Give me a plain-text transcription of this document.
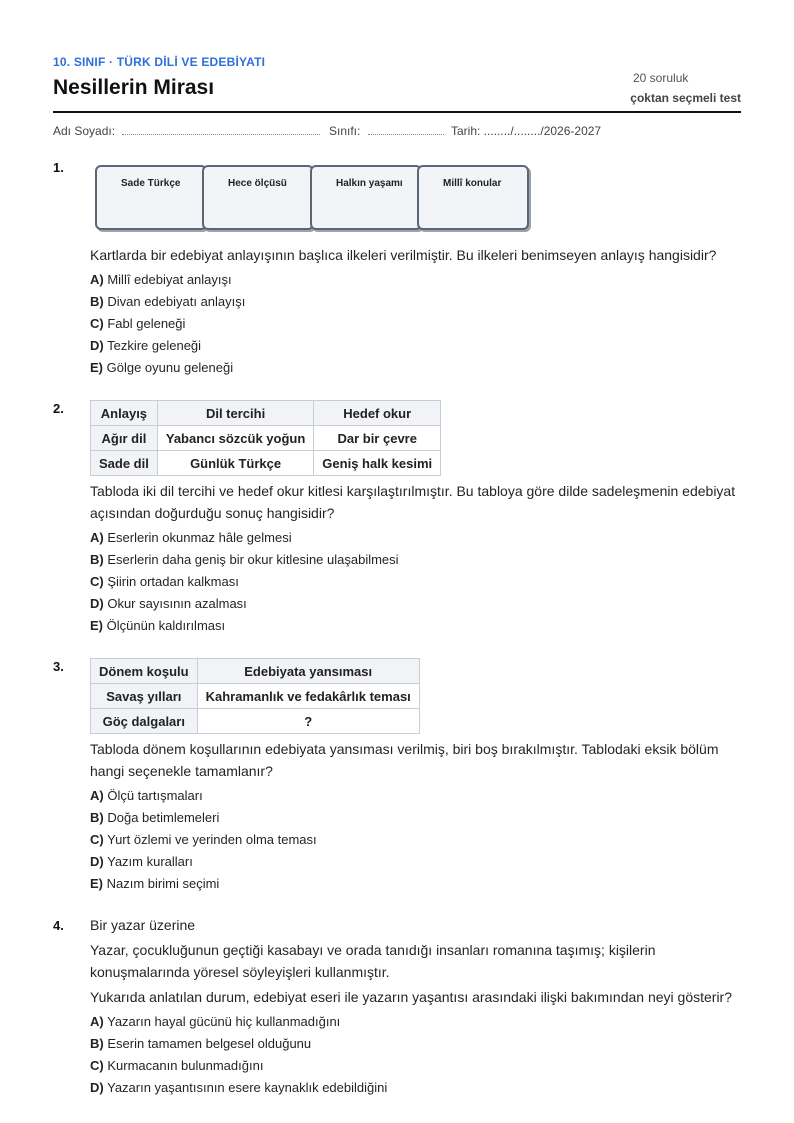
10. SINIF · TÜRK DİLİ VE EDEBİYATI
Nesillerin Mirası	20 soruluk
çoktan seçmeli test
Adı Soyadı:	Sınıfı:	Tarih: ......../......../2026-2027
1.
Sade Türkçe	Hece ölçüsü	Halkın yaşamı	Millî konular
Kartlarda bir edebiyat anlayışının başlıca ilkeleri verilmiştir. Bu ilkeleri benimseyen anlayış hangisidir?
A) Millî edebiyat anlayışı
B) Divan edebiyatı anlayışı
C) Fabl geleneği
D) Tezkire geleneği
E) Gölge oyunu geleneği
2.	Anlayış	Dil tercihi	Hedef okur
Ağır dil	Yabancı sözcük yoğun	Dar bir çevre
Sade dil	Günlük Türkçe	Geniş halk kesimi
Tabloda iki dil tercihi ve hedef okur kitlesi karşılaştırılmıştır. Bu tabloya göre dilde sadeleşmenin edebiyat açısından doğurduğu sonuç hangisidir?
A) Eserlerin okunmaz hâle gelmesi
B) Eserlerin daha geniş bir okur kitlesine ulaşabilmesi
C) Şiirin ortadan kalkması
D) Okur sayısının azalması
E) Ölçünün kaldırılması
3.	Dönem koşulu	Edebiyata yansıması
Savaş yılları	Kahramanlık ve fedakârlık teması
Göç dalgaları	?
Tabloda dönem koşullarının edebiyata yansıması verilmiş, biri boş bırakılmıştır. Tablodaki eksik bölüm hangi seçenekle tamamlanır?
A) Ölçü tartışmaları
B) Doğa betimlemeleri
C) Yurt özlemi ve yerinden olma teması
D) Yazım kuralları
E) Nazım birimi seçimi
4. Bir yazar üzerine
Yazar, çocukluğunun geçtiği kasabayı ve orada tanıdığı insanları romanına taşımış; kişilerin konuşmalarında yöresel söyleyişleri kullanmıştır.
Yukarıda anlatılan durum, edebiyat eseri ile yazarın yaşantısı arasındaki ilişki bakımından neyi gösterir?
A) Yazarın hayal gücünü hiç kullanmadığını
B) Eserin tamamen belgesel olduğunu
C) Kurmacanın bulunmadığını
D) Yazarın yaşantısının esere kaynaklık edebildiğini
